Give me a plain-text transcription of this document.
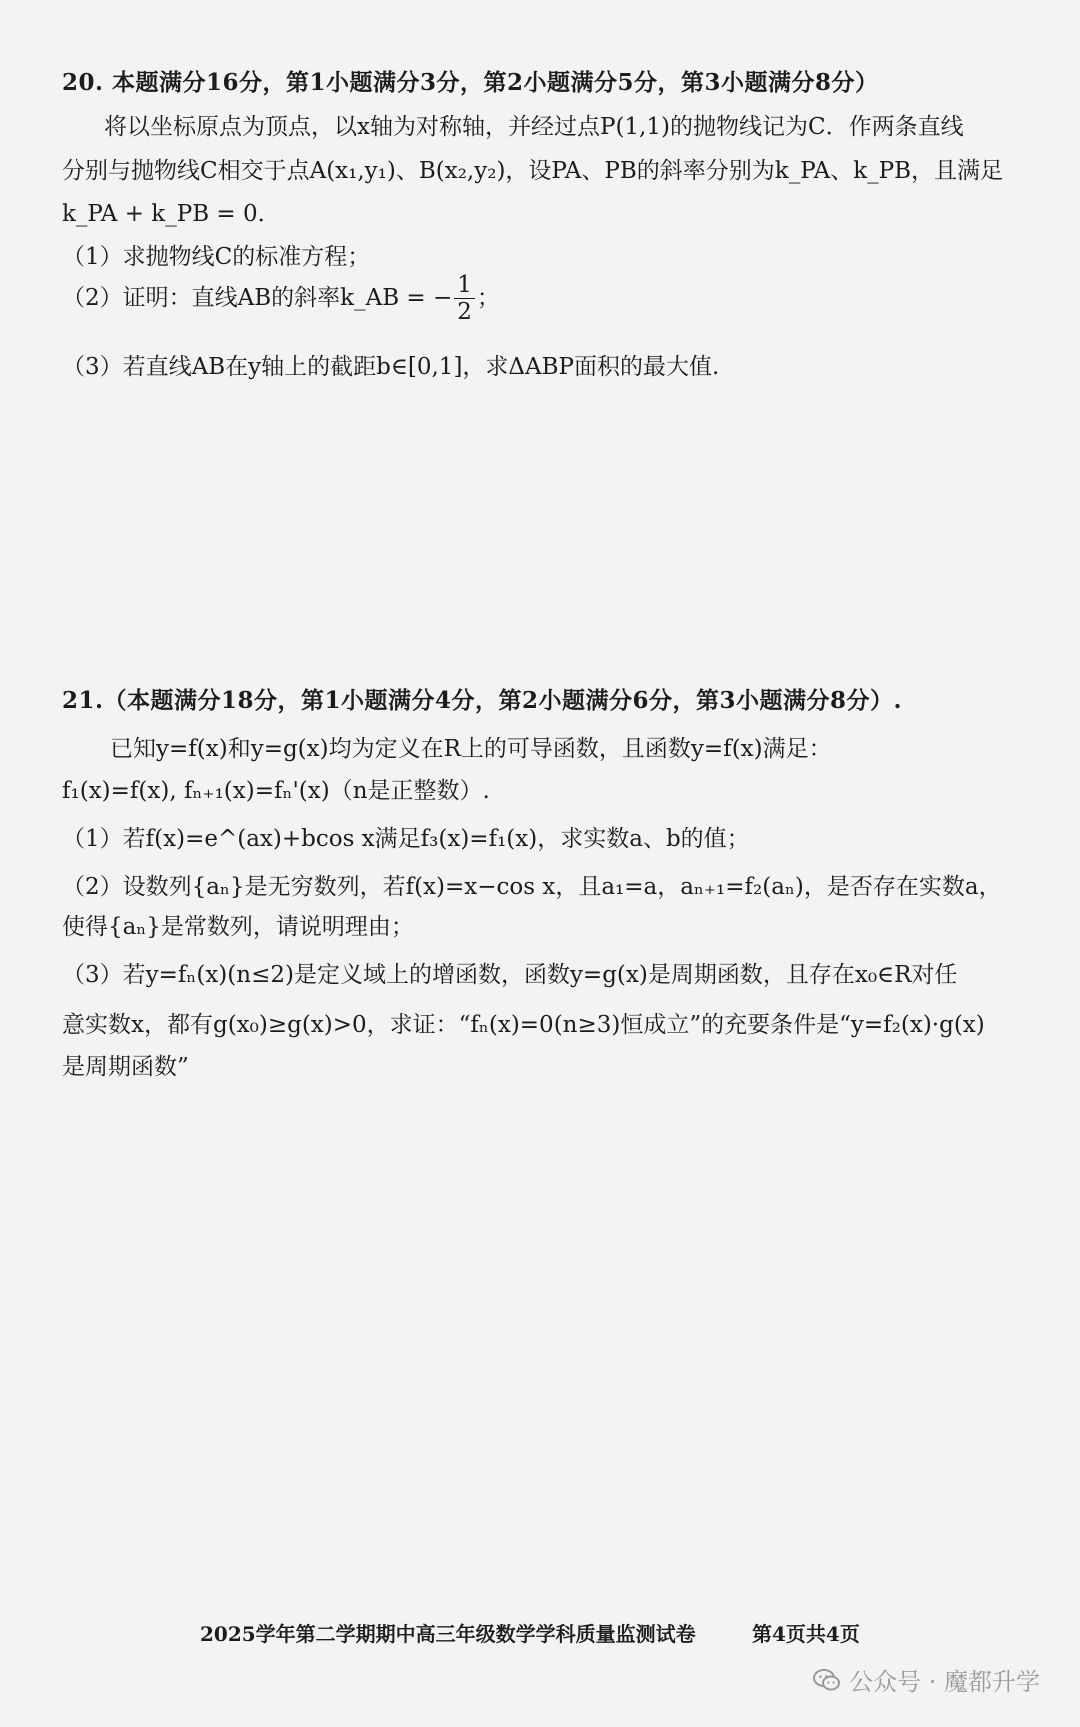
20. 本题满分16分，第1小题满分3分，第2小题满分5分，第3小题满分8分）
将以坐标原点为顶点，以x轴为对称轴，并经过点P(1,1)的抛物线记为C．作两条直线
分别与抛物线C相交于点A(x₁,y₁)、B(x₂,y₂)，设PA、PB的斜率分别为k_PA、k_PB，且满足
k_PA + k_PB = 0．
（1）求抛物线C的标准方程；
（2）证明：直线AB的斜率k_AB = − $\frac{1}{2}$ ；
（3）若直线AB在y轴上的截距b∈[0,1]，求ΔABP面积的最大值.
21.（本题满分18分，第1小题满分4分，第2小题满分6分，第3小题满分8分）.
已知y=f(x)和y=g(x)均为定义在R上的可导函数，且函数y=f(x)满足：
f₁(x)=f(x), fₙ₊₁(x)=fₙ'(x)（n是正整数）.
（1）若f(x)=e^(ax)+bcos x满足f₃(x)=f₁(x)，求实数a、b的值；
（2）设数列{aₙ}是无穷数列，若f(x)=x−cos x，且a₁=a，aₙ₊₁=f₂(aₙ)，是否存在实数a，
使得{aₙ}是常数列，请说明理由；
（3）若y=fₙ(x)(n≤2)是定义域上的增函数，函数y=g(x)是周期函数，且存在x₀∈R对任
意实数x，都有g(x₀)≥g(x)>0，求证：“fₙ(x)=0(n≥3)恒成立”的充要条件是“y=f₂(x)·g(x)
是周期函数”
2025学年第二学期期中高三年级数学学科质量监测试卷	第4页共4页
公众号 · 魔都升学
